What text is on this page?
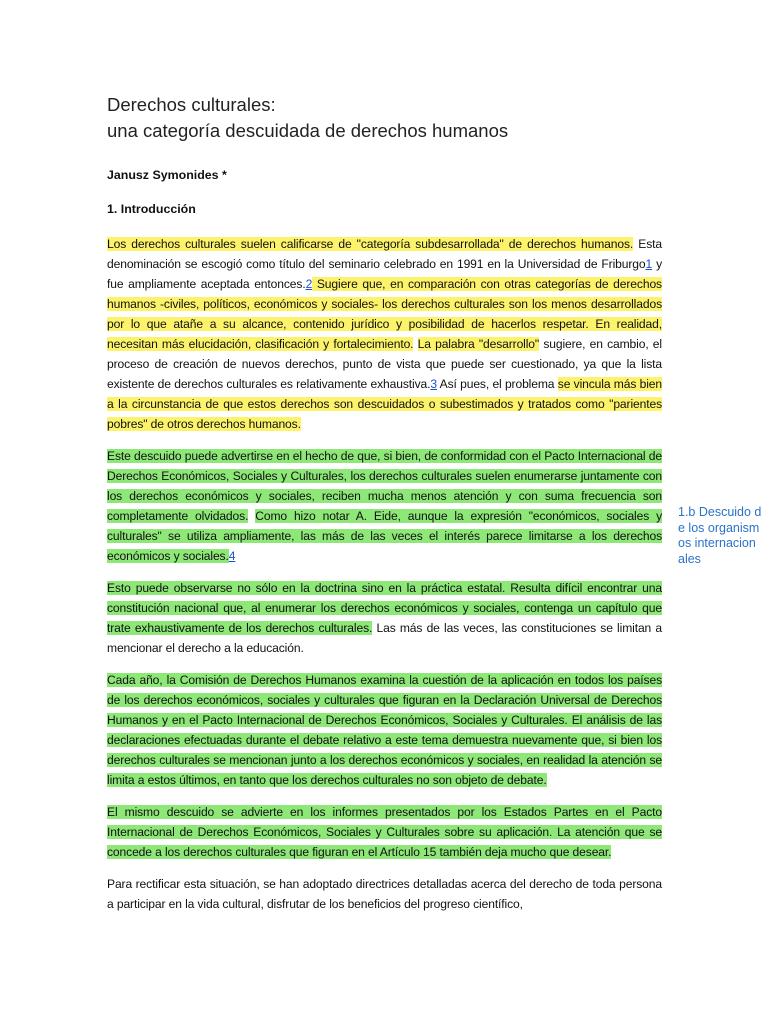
Derechos culturales:
una categoría descuidada de derechos humanos
Janusz Symonides *
1. Introducción

Los derechos culturales suelen calificarse de "categoría subdesarrollada" de derechos humanos. Esta denominación se escogió como título del seminario celebrado en 1991 en la Universidad de Friburgo1 y fue ampliamente aceptada entonces.2 Sugiere que, en comparación con otras categorías de derechos humanos -civiles, políticos, económicos y sociales- los derechos culturales son los menos desarrollados por lo que atañe a su alcance, contenido jurídico y posibilidad de hacerlos respetar. En realidad, necesitan más elucidación, clasificación y fortalecimiento. La palabra "desarrollo" sugiere, en cambio, el proceso de creación de nuevos derechos, punto de vista que puede ser cuestionado, ya que la lista existente de derechos culturales es relativamente exhaustiva.3 Así pues, el problema se vincula más bien a la circunstancia de que estos derechos son descuidados o subestimados y tratados como "parientes pobres" de otros derechos humanos.

Este descuido puede advertirse en el hecho de que, si bien, de conformidad con el Pacto Internacional de Derechos Económicos, Sociales y Culturales, los derechos culturales suelen enumerarse juntamente con los derechos económicos y sociales, reciben mucha menos atención y con suma frecuencia son completamente olvidados. Como hizo notar A. Eide, aunque la expresión "económicos, sociales y culturales" se utiliza ampliamente, las más de las veces el interés parece limitarse a los derechos económicos y sociales.4

Esto puede observarse no sólo en la doctrina sino en la práctica estatal. Resulta difícil encontrar una constitución nacional que, al enumerar los derechos económicos y sociales, contenga un capítulo que trate exhaustivamente de los derechos culturales. Las más de las veces, las constituciones se limitan a mencionar el derecho a la educación.

Cada año, la Comisión de Derechos Humanos examina la cuestión de la aplicación en todos los países de los derechos económicos, sociales y culturales que figuran en la Declaración Universal de Derechos Humanos y en el Pacto Internacional de Derechos Económicos, Sociales y Culturales. El análisis de las declaraciones efectuadas durante el debate relativo a este tema demuestra nuevamente que, si bien los derechos culturales se mencionan junto a los derechos económicos y sociales, en realidad la atención se limita a estos últimos, en tanto que los derechos culturales no son objeto de debate.

El mismo descuido se advierte en los informes presentados por los Estados Partes en el Pacto Internacional de Derechos Económicos, Sociales y Culturales sobre su aplicación. La atención que se concede a los derechos culturales que figuran en el Artículo 15 también deja mucho que desear.

Para rectificar esta situación, se han adoptado directrices detalladas acerca del derecho de toda persona a participar en la vida cultural, disfrutar de los beneficios del progreso científico,

1.b Descuido de los organismos internacionales
